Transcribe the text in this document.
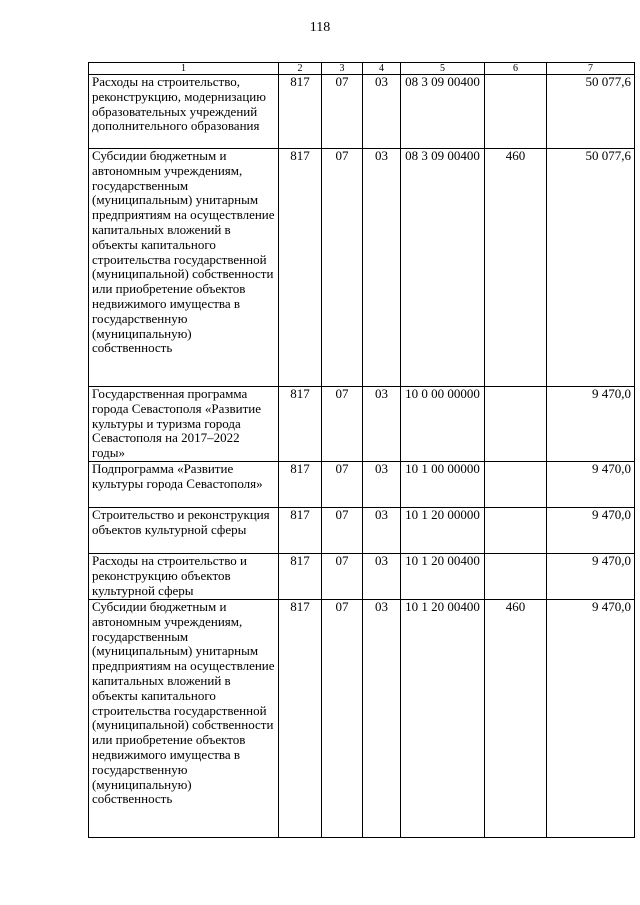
118
1	2	3	4	5	6	7
Расходы на строительство, реконструкцию, модернизацию образовательных учреждений дополнительного образования	817	07	03	08 3 09 00400		50 077,6
Субсидии бюджетным и автономным учреждениям, государственным (муниципальным) унитарным предприятиям на осуществление капитальных вложений в объекты капитального строительства государственной (муниципальной) собственности или приобретение объектов недвижимого имущества в государственную (муниципальную) собственность	817	07	03	08 3 09 00400	460	50 077,6
Государственная программа города Севастополя «Развитие культуры и туризма города Севастополя на 2017–2022 годы»	817	07	03	10 0 00 00000		9 470,0
Подпрограмма «Развитие культуры города Севастополя»	817	07	03	10 1 00 00000		9 470,0
Строительство и реконструкция объектов культурной сферы	817	07	03	10 1 20 00000		9 470,0
Расходы на строительство и реконструкцию объектов культурной сферы	817	07	03	10 1 20 00400		9 470,0
Субсидии бюджетным и автономным учреждениям, государственным (муниципальным) унитарным предприятиям на осуществление капитальных вложений в объекты капитального строительства государственной (муниципальной) собственности или приобретение объектов недвижимого имущества в государственную (муниципальную) собственность	817	07	03	10 1 20 00400	460	9 470,0
